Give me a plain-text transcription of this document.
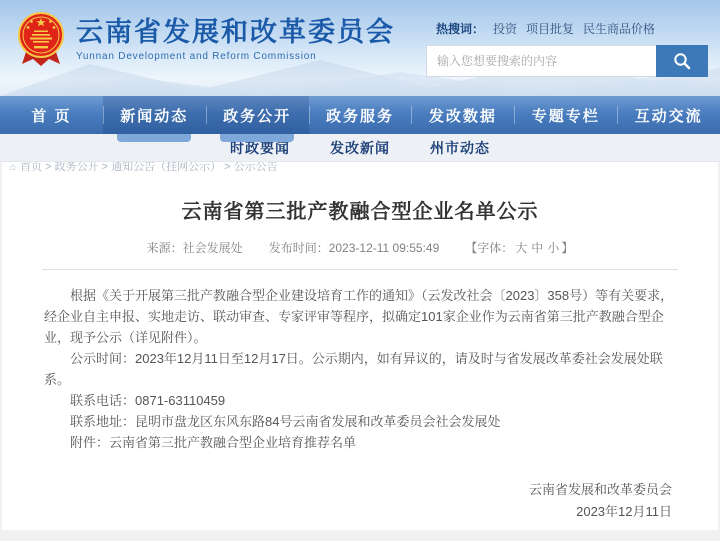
云南省发展和改革委员会

Yunnan Development and Reform Commission

热搜词： 投资 项目批复 民生商品价格
输入您想要搜索的内容
首 页	新闻动态	政务公开	政务服务	发改数据	专题专栏	互动交流
时政要闻	发改新闻	州市动态
⌂ 首页 > 政务公开 > 通知公告（挂网公示） > 公示公告
云南省第三批产教融合型企业名单公示
来源：社会发展处 发布时间：2023-12-11 09:55:49 【字体： 大 中 小 】

根据《关于开展第三批产教融合型企业建设培育工作的通知》（云发改社会〔2023〕358号）等有关要求，经企业自主申报、实地走访、联动审查、专家评审等程序，拟确定101家企业作为云南省第三批产教融合型企业，现予公示（详见附件）。

公示时间：2023年12月11日至12月17日。公示期内，如有异议的，请及时与省发展改革委社会发展处联系。

联系电话：0871-63110459

联系地址：昆明市盘龙区东风东路84号云南省发展和改革委员会社会发展处

附件：云南省第三批产教融合型企业培育推荐名单

云南省发展和改革委员会
2023年12月11日
